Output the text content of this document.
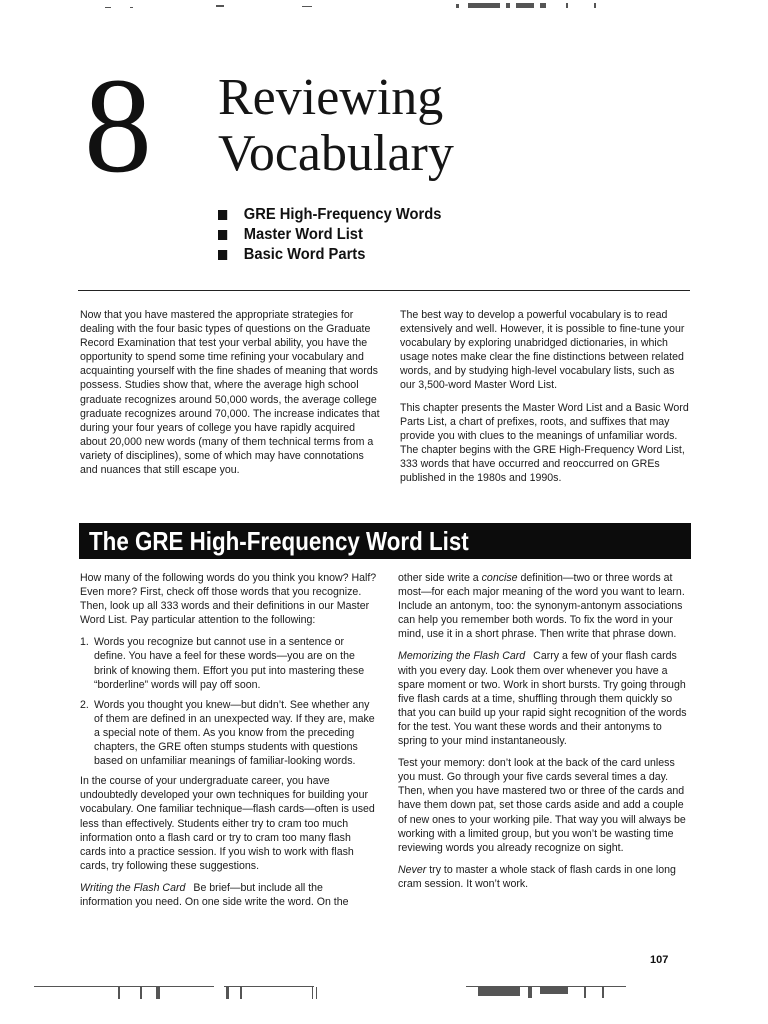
8 Reviewing
Vocabulary
GRE High-Frequency Words
Master Word List
Basic Word Parts

Now that you have mastered the appropriate strategies for dealing with the four basic types of questions on the Graduate Record Examination that test your verbal ability, you have the opportunity to spend some time refining your vocabulary and acquainting yourself with the fine shades of meaning that words possess. Studies show that, where the average high school graduate recognizes around 50,000 words, the average college graduate recognizes around 70,000. The increase indicates that during your four years of college you have rapidly acquired about 20,000 new words (many of them technical terms from a variety of disciplines), some of which may have connotations and nuances that still escape you.

The best way to develop a powerful vocabulary is to read extensively and well. However, it is possible to fine-tune your vocabulary by exploring unabridged dictionaries, in which usage notes make clear the fine distinctions between related words, and by studying high-level vocabulary lists, such as our 3,500-word Master Word List.

This chapter presents the Master Word List and a Basic Word Parts List, a chart of prefixes, roots, and suffixes that may provide you with clues to the meanings of unfamiliar words. The chapter begins with the GRE High-Frequency Word List, 333 words that have occurred and reoccurred on GREs published in the 1980s and 1990s.

The GRE High-Frequency Word List

How many of the following words do you think you know? Half? Even more? First, check off those words that you recognize. Then, look up all 333 words and their definitions in our Master Word List. Pay particular attention to the following:

1. Words you recognize but cannot use in a sentence or define. You have a feel for these words—you are on the brink of knowing them. Effort you put into mastering these “borderline” words will pay off soon.
2. Words you thought you knew—but didn’t. See whether any of them are defined in an unexpected way. If they are, make a special note of them. As you know from the preceding chapters, the GRE often stumps students with questions based on unfamiliar meanings of familiar-looking words.

In the course of your undergraduate career, you have undoubtedly developed your own techniques for building your vocabulary. One familiar technique—flash cards—often is used less than effectively. Students either try to cram too much information onto a flash card or try to cram too many flash cards into a practice session. If you wish to work with flash cards, try following these suggestions.

Writing the Flash Card Be brief—but include all the information you need. On one side write the word. On the

other side write a concise definition—two or three words at most—for each major meaning of the word you want to learn. Include an antonym, too: the synonym-antonym associations can help you remember both words. To fix the word in your mind, use it in a short phrase. Then write that phrase down.

Memorizing the Flash Card Carry a few of your flash cards with you every day. Look them over whenever you have a spare moment or two. Work in short bursts. Try going through five flash cards at a time, shuffling through them quickly so that you can build up your rapid sight recognition of the words for the test. You want these words and their antonyms to spring to your mind instantaneously.

Test your memory: don’t look at the back of the card unless you must. Go through your five cards several times a day. Then, when you have mastered two or three of the cards and have them down pat, set those cards aside and add a couple of new ones to your working pile. That way you will always be working with a limited group, but you won’t be wasting time reviewing words you already recognize on sight.

Never try to master a whole stack of flash cards in one long cram session. It won’t work.

107
